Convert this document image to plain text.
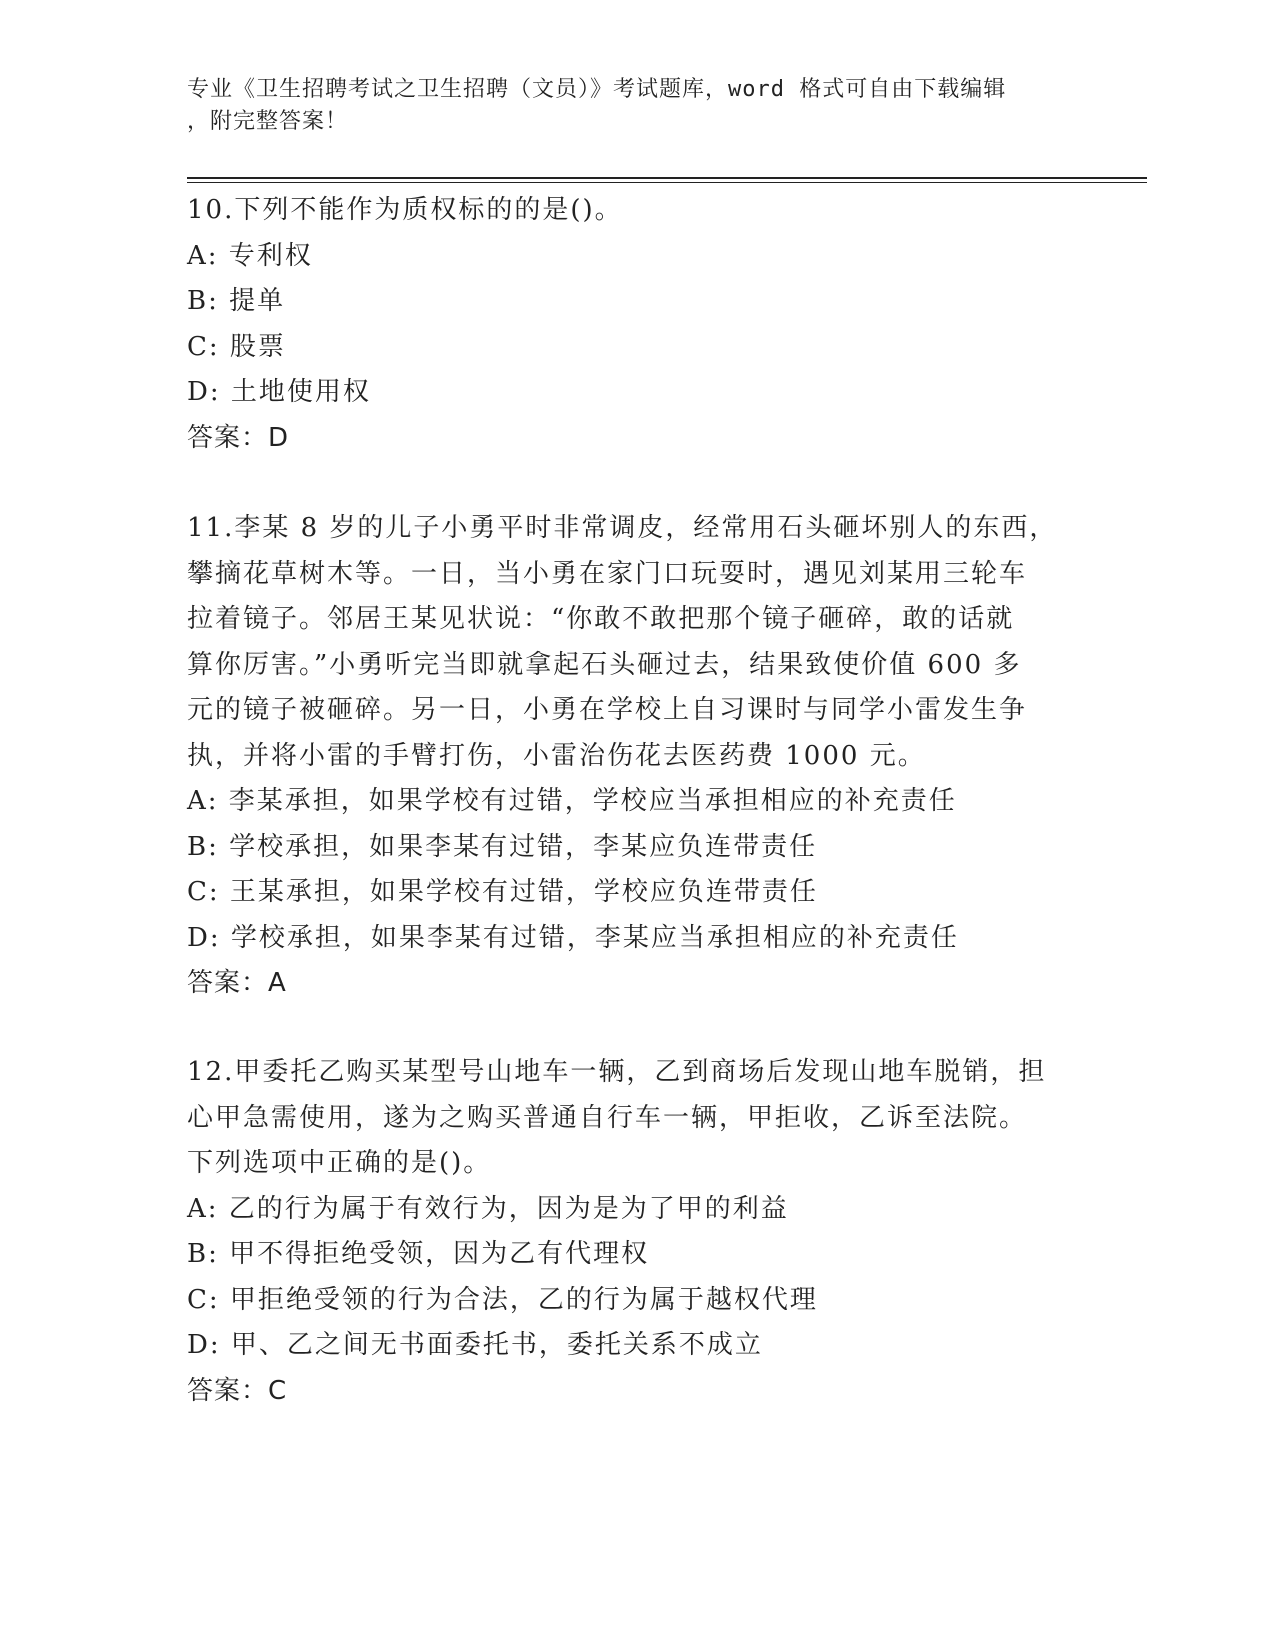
专业《卫生招聘考试之卫生招聘（文员）》考试题库，word 格式可自由下载编辑
，附完整答案！
10.下列不能作为质权标的的是()。
A: 专利权
B: 提单
C: 股票
D: 土地使用权
答案：D
11.李某 8 岁的儿子小勇平时非常调皮，经常用石头砸坏别人的东西，
攀摘花草树木等。一日，当小勇在家门口玩耍时，遇见刘某用三轮车
拉着镜子。邻居王某见状说：“你敢不敢把那个镜子砸碎，敢的话就
算你厉害。”小勇听完当即就拿起石头砸过去，结果致使价值 600 多
元的镜子被砸碎。另一日，小勇在学校上自习课时与同学小雷发生争
执，并将小雷的手臂打伤，小雷治伤花去医药费 1000 元。
A: 李某承担，如果学校有过错，学校应当承担相应的补充责任
B: 学校承担，如果李某有过错，李某应负连带责任
C: 王某承担，如果学校有过错，学校应负连带责任
D: 学校承担，如果李某有过错，李某应当承担相应的补充责任
答案：A
12.甲委托乙购买某型号山地车一辆，乙到商场后发现山地车脱销，担
心甲急需使用，遂为之购买普通自行车一辆，甲拒收，乙诉至法院。
下列选项中正确的是()。
A: 乙的行为属于有效行为，因为是为了甲的利益
B: 甲不得拒绝受领，因为乙有代理权
C: 甲拒绝受领的行为合法，乙的行为属于越权代理
D: 甲、乙之间无书面委托书，委托关系不成立
答案：C
